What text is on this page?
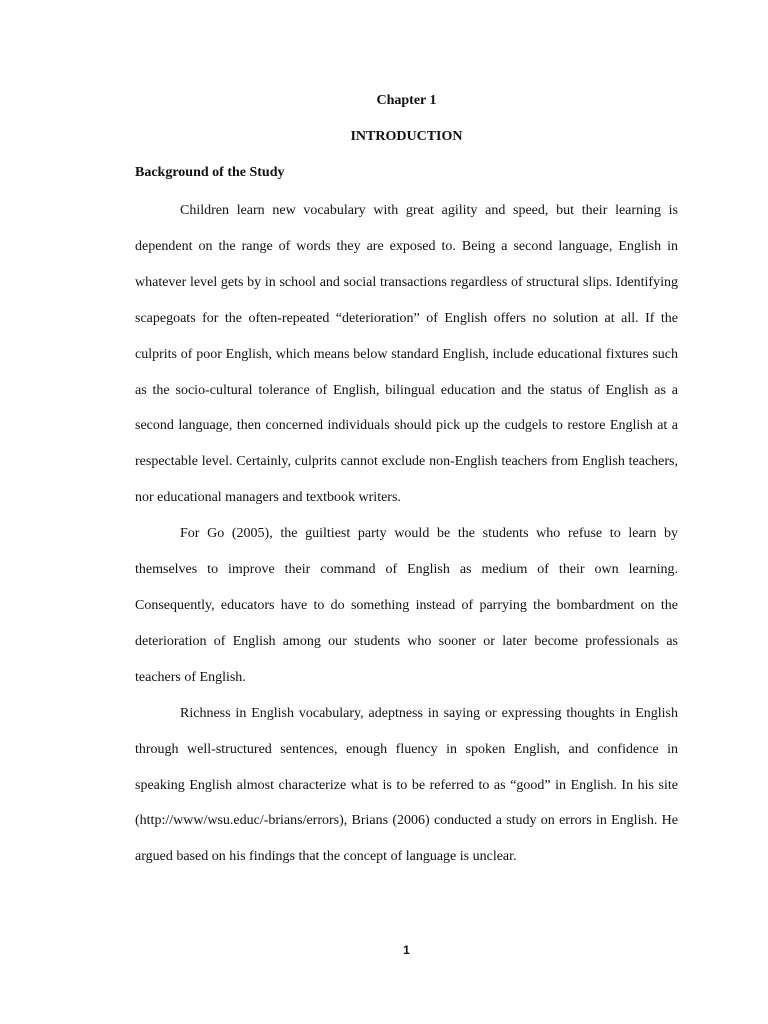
Chapter 1
INTRODUCTION
Background of the Study

Children learn new vocabulary with great agility and speed, but their learning is dependent on the range of words they are exposed to. Being a second language, English in whatever level gets by in school and social transactions regardless of structural slips. Identifying scapegoats for the often-repeated “deterioration” of English offers no solution at all. If the culprits of poor English, which means below standard English, include educational fixtures such as the socio-cultural tolerance of English, bilingual education and the status of English as a second language, then concerned individuals should pick up the cudgels to restore English at a respectable level. Certainly, culprits cannot exclude non-English teachers from English teachers, nor educational managers and textbook writers.

For Go (2005), the guiltiest party would be the students who refuse to learn by themselves to improve their command of English as medium of their own learning. Consequently, educators have to do something instead of parrying the bombardment on the deterioration of English among our students who sooner or later become professionals as teachers of English.

Richness in English vocabulary, adeptness in saying or expressing thoughts in English through well-structured sentences, enough fluency in spoken English, and confidence in speaking English almost characterize what is to be referred to as “good” in English. In his site (http://www/wsu.educ/-brians/errors), Brians (2006) conducted a study on errors in English. He argued based on his findings that the concept of language is unclear.

1
